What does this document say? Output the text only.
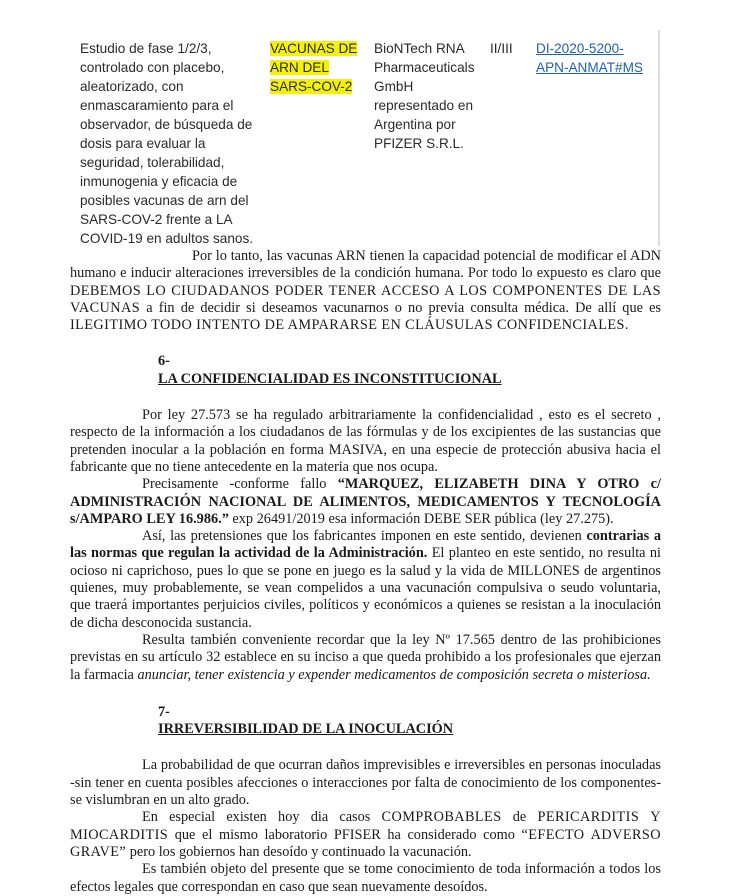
Estudio de fase 1/2/3, controlado con placebo, aleatorizado, con enmascaramiento para el observador, de búsqueda de dosis para evaluar la seguridad, tolerabilidad, inmunogenia y eficacia de posibles vacunas de arn del SARS-COV-2 frente a LA COVID-19 en adultos sanos.
VACUNAS DE ARN DEL SARS-COV-2
BioNTech RNA Pharmaceuticals GmbH representado en Argentina por PFIZER S.R.L.
II/III	DI-2020-5200-APN-ANMAT#MS

Por lo tanto, las vacunas ARN tienen la capacidad potencial de modificar el ADN humano e inducir alteraciones irreversibles de la condición humana. Por todo lo expuesto es claro que DEBEMOS LO CIUDADANOS PODER TENER ACCESO A LOS COMPONENTES DE LAS VACUNAS a fin de decidir si deseamos vacunarnos o no previa consulta médica. De allí que es ILEGITIMO TODO INTENTO DE AMPARARSE EN CLÁUSULAS CONFIDENCIALES.

6-
LA CONFIDENCIALIDAD ES INCONSTITUCIONAL

Por ley 27.573 se ha regulado arbitrariamente la confidencialidad , esto es el secreto , respecto de la información a los ciudadanos de las fórmulas y de los excipientes de las sustancias que pretenden inocular a la población en forma MASIVA, en una especie de protección abusiva hacia el fabricante que no tiene antecedente en la materia que nos ocupa.

Precisamente -conforme fallo “MARQUEZ, ELIZABETH DINA Y OTRO c/ ADMINISTRACIÓN NACIONAL DE ALIMENTOS, MEDICAMENTOS Y TECNOLOGÍA s/AMPARO LEY 16.986.” exp 26491/2019 esa información DEBE SER pública (ley 27.275).

Así, las pretensiones que los fabricantes imponen en este sentido, devienen contrarias a las normas que regulan la actividad de la Administración. El planteo en este sentido, no resulta ni ocioso ni caprichoso, pues lo que se pone en juego es la salud y la vida de MILLONES de argentinos quienes, muy probablemente, se vean compelidos a una vacunación compulsiva o seudo voluntaria, que traerá importantes perjuicios civiles, políticos y económicos a quienes se resistan a la inoculación de dicha desconocida sustancia.

Resulta también conveniente recordar que la ley Nº 17.565 dentro de las prohibiciones previstas en su artículo 32 establece en su inciso a que queda prohibido a los profesionales que ejerzan la farmacia anunciar, tener existencia y expender medicamentos de composición secreta o misteriosa.

7-
IRREVERSIBILIDAD DE LA INOCULACIÓN

La probabilidad de que ocurran daños imprevisibles e irreversibles en personas inoculadas -sin tener en cuenta posibles afecciones o interacciones por falta de conocimiento de los componentes- se vislumbran en un alto grado.

En especial existen hoy dia casos COMPROBABLES de PERICARDITIS Y MIOCARDITIS que el mismo laboratorio PFISER ha considerado como “EFECTO ADVERSO GRAVE” pero los gobiernos han desoído y continuado la vacunación.

Es también objeto del presente que se tome conocimiento de toda información a todos los efectos legales que correspondan en caso que sean nuevamente desoídos.
